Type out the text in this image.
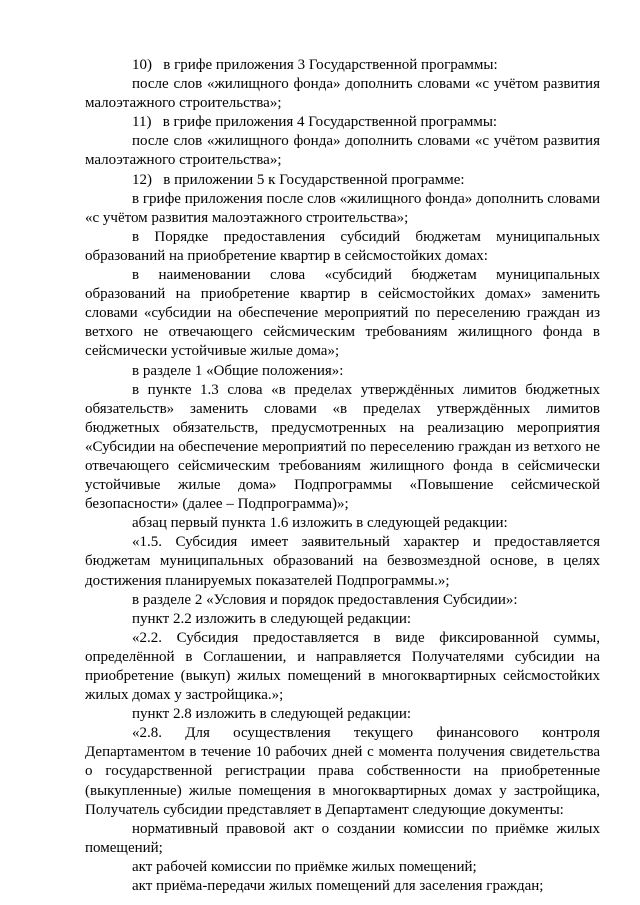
10)   в грифе приложения 3 Государственной программы:

после слов «жилищного фонда» дополнить словами «с учётом развития малоэтажного строительства»;

11)   в грифе приложения 4 Государственной программы:

после слов «жилищного фонда» дополнить словами «с учётом развития малоэтажного строительства»;

12)   в приложении 5 к Государственной программе:

в грифе приложения после слов «жилищного фонда» дополнить словами «с учётом развития малоэтажного строительства»;

в Порядке предоставления субсидий бюджетам муниципальных образований на приобретение квартир в сейсмостойких домах:

в наименовании слова «субсидий бюджетам муниципальных образований на приобретение квартир в сейсмостойких домах» заменить словами «субсидии на обеспечение мероприятий по переселению граждан из ветхого не отвечающего сейсмическим требованиям жилищного фонда в сейсмически устойчивые жилые дома»;

в разделе 1 «Общие положения»:

в пункте 1.3 слова «в пределах утверждённых лимитов бюджетных обязательств» заменить словами «в пределах утверждённых лимитов бюджетных обязательств, предусмотренных на реализацию мероприятия «Субсидии на обеспечение мероприятий по переселению граждан из ветхого не отвечающего сейсмическим требованиям жилищного фонда в сейсмически устойчивые жилые дома» Подпрограммы «Повышение сейсмической безопасности» (далее – Подпрограмма)»;

абзац первый пункта 1.6 изложить в следующей редакции:

«1.5. Субсидия имеет заявительный характер и предоставляется бюджетам муниципальных образований на безвозмездной основе, в целях достижения планируемых показателей Подпрограммы.»;

в разделе 2 «Условия и порядок предоставления Субсидии»:

пункт 2.2 изложить в следующей редакции:

«2.2. Субсидия предоставляется в виде фиксированной суммы, определённой в Соглашении, и направляется Получателями субсидии на приобретение (выкуп) жилых помещений в многоквартирных сейсмостойких жилых домах у застройщика.»;

пункт 2.8 изложить в следующей редакции:

«2.8. Для осуществления текущего финансового контроля Департаментом в течение 10 рабочих дней с момента получения свидетельства о государственной регистрации права собственности на приобретенные (выкупленные) жилые помещения в многоквартирных домах у застройщика, Получатель субсидии представляет в Департамент следующие документы:

нормативный правовой акт о создании комиссии по приёмке жилых помещений;

акт рабочей комиссии по приёмке жилых помещений;

акт приёма-передачи жилых помещений для заселения граждан;
